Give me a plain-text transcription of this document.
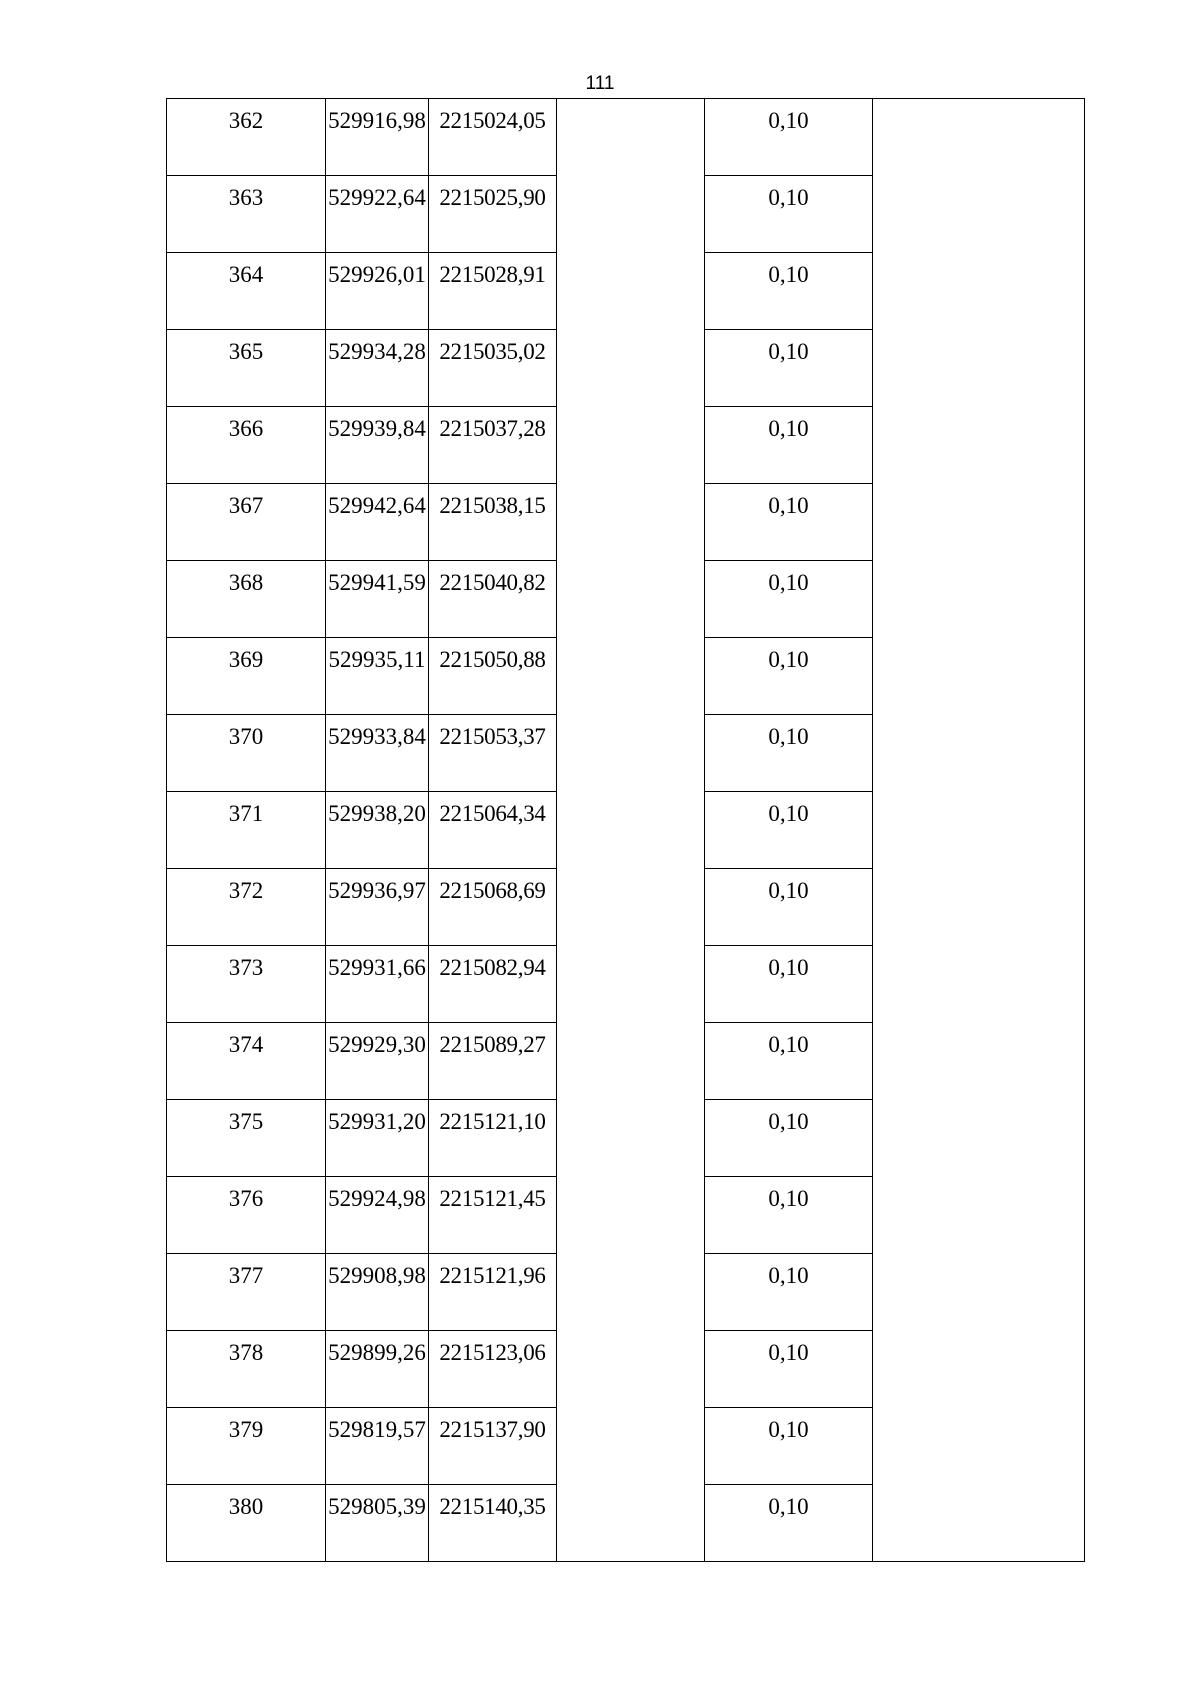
111
362	529916,98	2215024,05		0,10	
363	529922,64	2215025,90		0,10	
364	529926,01	2215028,91		0,10	
365	529934,28	2215035,02		0,10	
366	529939,84	2215037,28		0,10	
367	529942,64	2215038,15		0,10	
368	529941,59	2215040,82		0,10	
369	529935,11	2215050,88		0,10	
370	529933,84	2215053,37		0,10	
371	529938,20	2215064,34		0,10	
372	529936,97	2215068,69		0,10	
373	529931,66	2215082,94		0,10	
374	529929,30	2215089,27		0,10	
375	529931,20	2215121,10		0,10	
376	529924,98	2215121,45		0,10	
377	529908,98	2215121,96		0,10	
378	529899,26	2215123,06		0,10	
379	529819,57	2215137,90		0,10	
380	529805,39	2215140,35		0,10	
